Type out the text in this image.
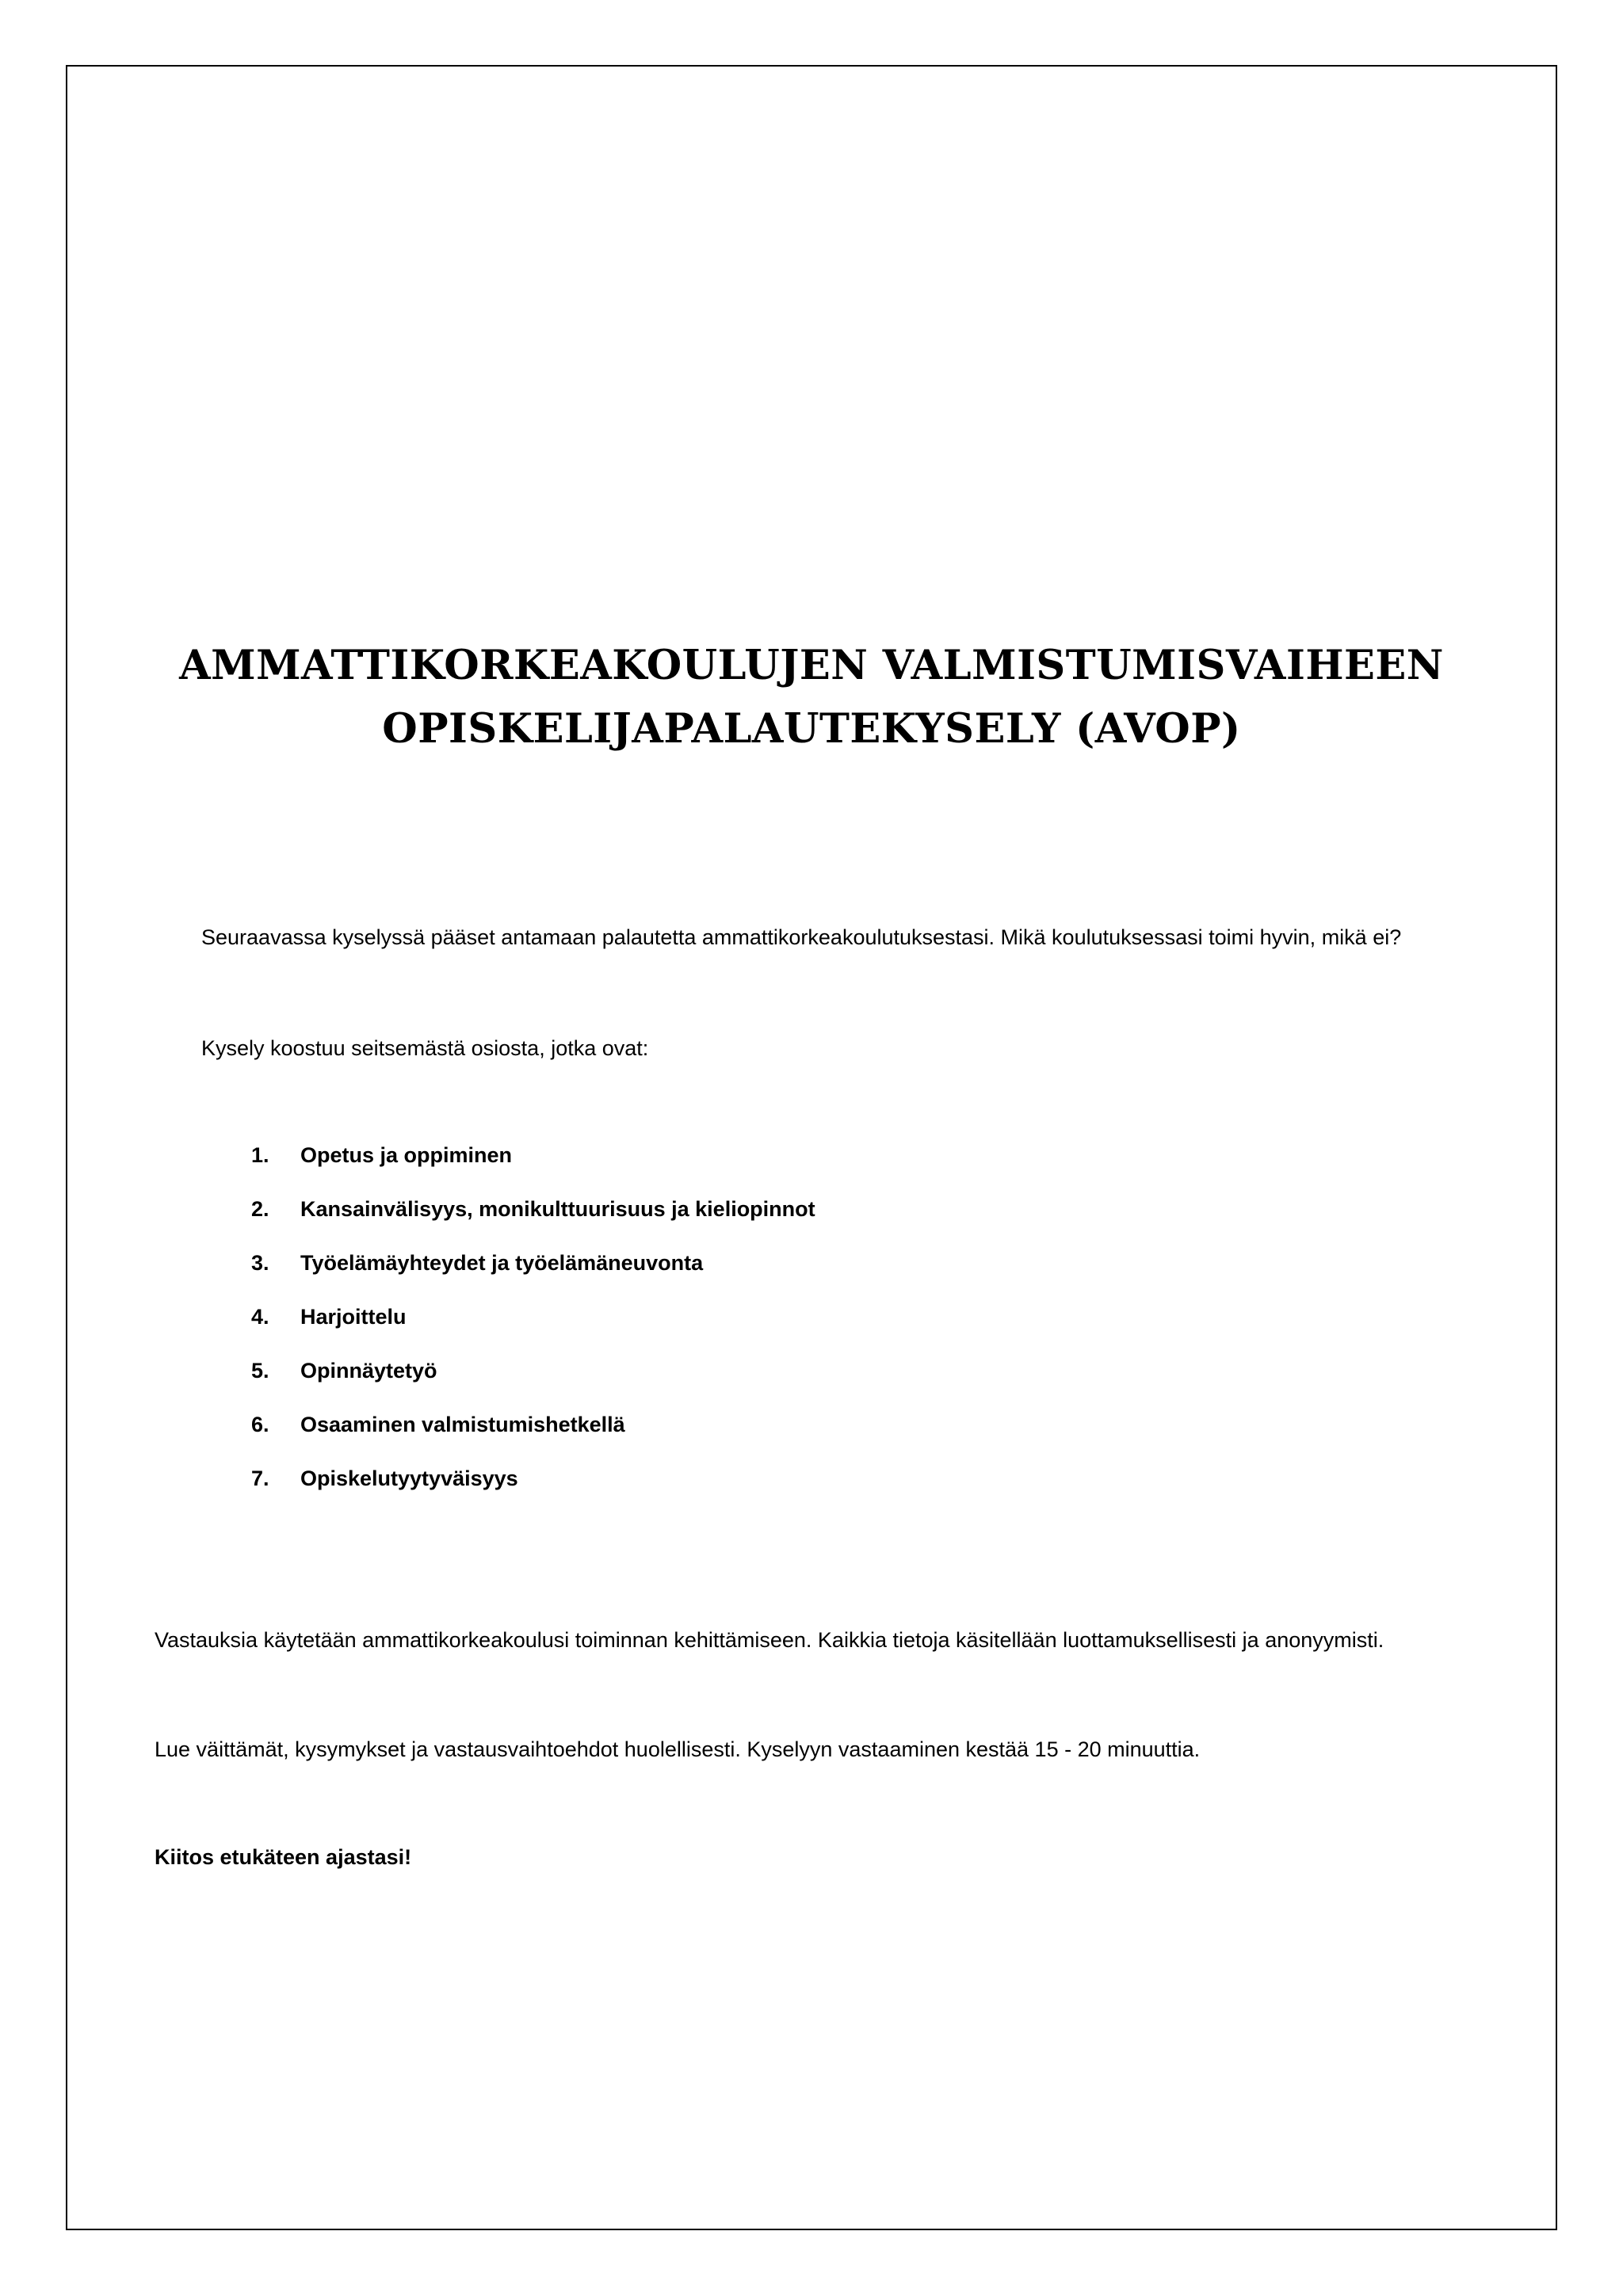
AMMATTIKORKEAKOULUJEN VALMISTUMISVAIHEEN
OPISKELIJAPALAUTEKYSELY (AVOP)
Seuraavassa kyselyssä pääset antamaan palautetta ammattikorkeakoulutuksestasi. Mikä koulutuksessasi toimi hyvin, mikä ei?
Kysely koostuu seitsemästä osiosta, jotka ovat:
1. Opetus ja oppiminen
2. Kansainvälisyys, monikulttuurisuus ja kieliopinnot
3. Työelämäyhteydet ja työelämäneuvonta
4. Harjoittelu
5. Opinnäytetyö
6. Osaaminen valmistumishetkellä
7. Opiskelutyytyväisyys
Vastauksia käytetään ammattikorkeakoulusi toiminnan kehittämiseen. Kaikkia tietoja käsitellään luottamuksellisesti ja anonyymisti.
Lue väittämät, kysymykset ja vastausvaihtoehdot huolellisesti. Kyselyyn vastaaminen kestää 15 - 20 minuuttia.
Kiitos etukäteen ajastasi!
